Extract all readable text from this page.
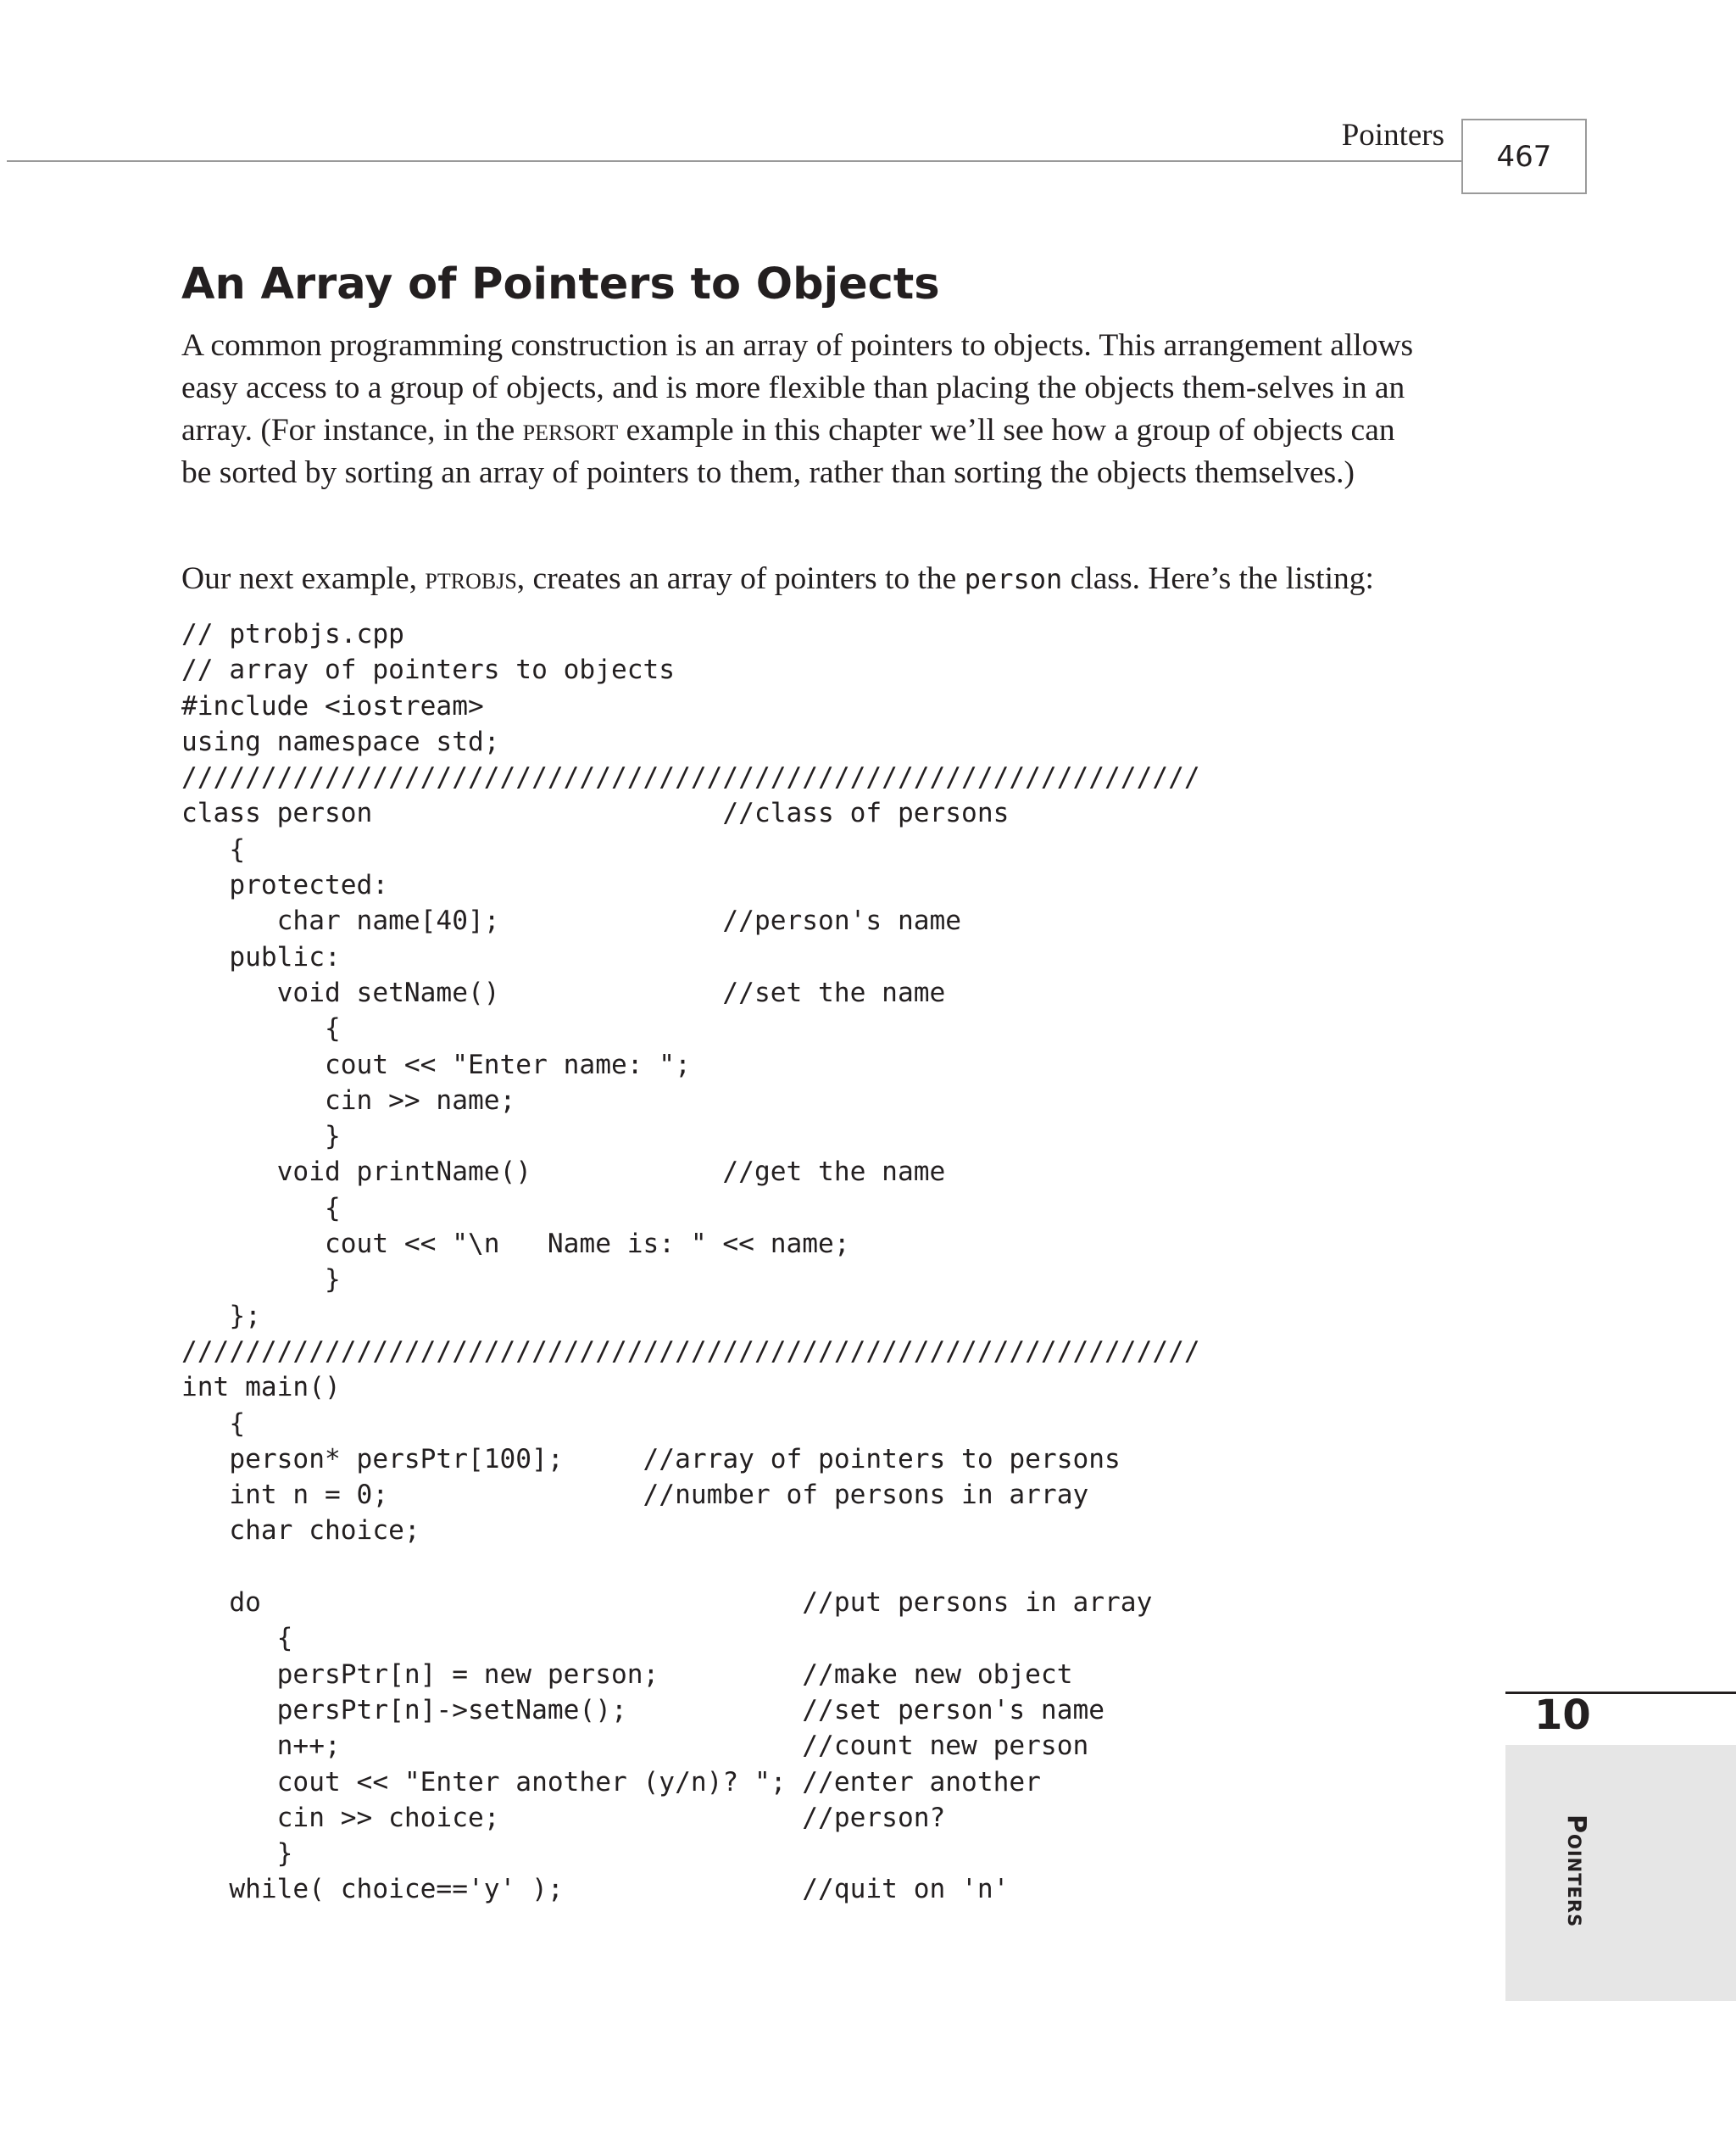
Pointers
467
An Array of Pointers to Objects

A common programming construction is an array of pointers to objects. This arrangement allows easy access to a group of objects, and is more flexible than placing the objects them-selves in an array. (For instance, in the persort example in this chapter we’ll see how a group of objects can be sorted by sorting an array of pointers to them, rather than sorting the objects themselves.)

Our next example, ptrobjs, creates an array of pointers to the person class. Here’s the listing:

// ptrobjs.cpp
// array of pointers to objects
#include <iostream>
using namespace std;
////////////////////////////////////////////////////////////////
class person                      //class of persons
{
protected:
char name[40];              //person's name
public:
void setName()              //set the name
{
cout << "Enter name: ";
cin >> name;
}
void printName()            //get the name
{
cout << "\n   Name is: " << name;
}
};
////////////////////////////////////////////////////////////////
int main()
{
person* persPtr[100];     //array of pointers to persons
int n = 0;                //number of persons in array
char choice;
do                                  //put persons in array
{
persPtr[n] = new person;         //make new object
persPtr[n]->setName();           //set person's name
n++;                             //count new person
cout << "Enter another (y/n)? "; //enter another
cin >> choice;                   //person?
}
while( choice=='y' );               //quit on 'n'
10
Pointers
